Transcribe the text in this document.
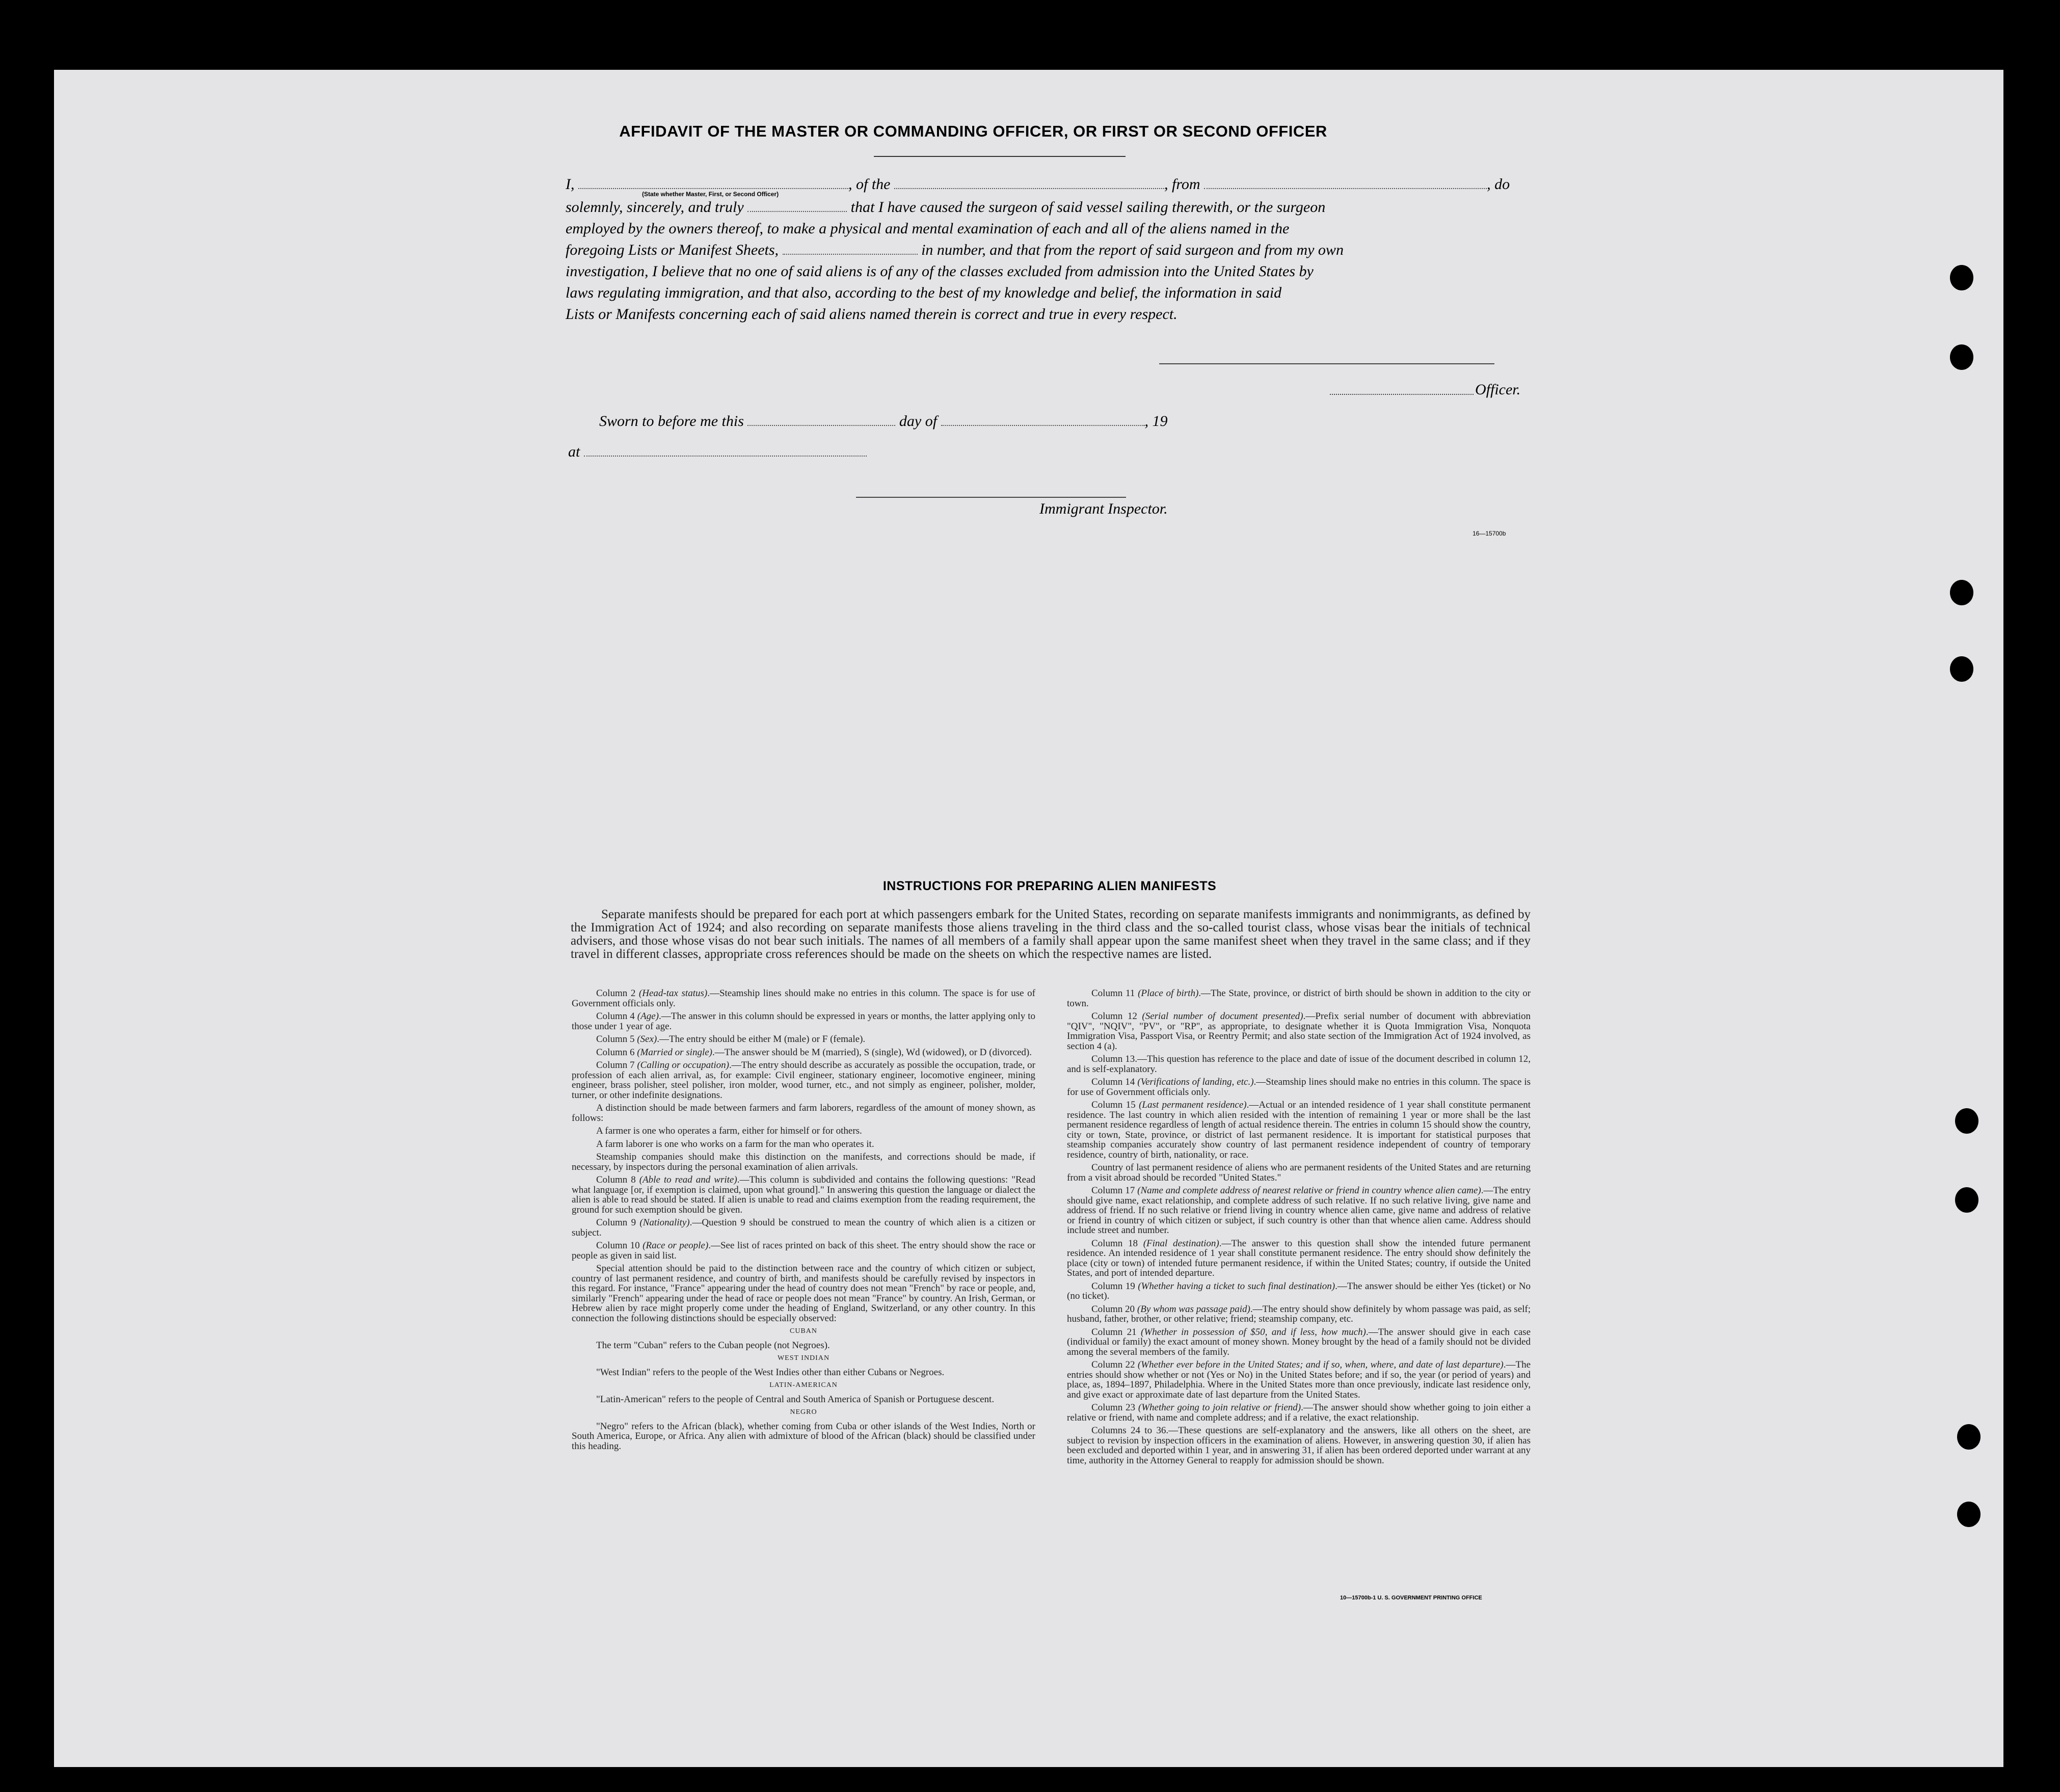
AFFIDAVIT OF THE MASTER OR COMMANDING OFFICER, OR FIRST OR SECOND OFFICER
I,	, of the	, from	, do
(State whether Master, First, or Second Officer)
solemnly, sincerely, and truly	that I have caused the surgeon of said vessel sailing therewith, or the surgeon
employed by the owners thereof, to make a physical and mental examination of each and all of the aliens named in the
foregoing Lists or Manifest Sheets,	in number, and that from the report of said surgeon and from my own
investigation, I believe that no one of said aliens is of any of the classes excluded from admission into the United States by
laws regulating immigration, and that also, according to the best of my knowledge and belief, the information in said
Lists or Manifests concerning each of said aliens named therein is correct and true in every respect.
Officer.
Sworn to before me this	day of	, 19
at
Immigrant Inspector.
16—15700b
INSTRUCTIONS FOR PREPARING ALIEN MANIFESTS
Separate manifests should be prepared for each port at which passengers embark for the United States, recording on separate manifests immigrants and nonimmigrants, as defined by the Immigration Act of 1924; and also recording on separate manifests those aliens traveling in the third class and the so-called tourist class, whose visas bear the initials of technical advisers, and those whose visas do not bear such initials. The names of all members of a family shall appear upon the same manifest sheet when they travel in the same class; and if they travel in different classes, appropriate cross references should be made on the sheets on which the respective names are listed.

Column 2 (Head-tax status).—Steamship lines should make no entries in this column. The space is for use of Government officials only.

Column 4 (Age).—The answer in this column should be expressed in years or months, the latter applying only to those under 1 year of age.

Column 5 (Sex).—The entry should be either M (male) or F (female).

Column 6 (Married or single).—The answer should be M (married), S (single), Wd (widowed), or D (divorced).

Column 7 (Calling or occupation).—The entry should describe as accurately as possible the occupation, trade, or profession of each alien arrival, as, for example: Civil engineer, stationary engineer, locomotive engineer, mining engineer, brass polisher, steel polisher, iron molder, wood turner, etc., and not simply as engineer, polisher, molder, turner, or other indefinite designations.

A distinction should be made between farmers and farm laborers, regardless of the amount of money shown, as follows:

A farmer is one who operates a farm, either for himself or for others.

A farm laborer is one who works on a farm for the man who operates it.

Steamship companies should make this distinction on the manifests, and corrections should be made, if necessary, by inspectors during the personal examination of alien arrivals.

Column 8 (Able to read and write).—This column is subdivided and contains the following questions: "Read what language [or, if exemption is claimed, upon what ground]." In answering this question the language or dialect the alien is able to read should be stated. If alien is unable to read and claims exemption from the reading requirement, the ground for such exemption should be given.

Column 9 (Nationality).—Question 9 should be construed to mean the country of which alien is a citizen or subject.

Column 10 (Race or people).—See list of races printed on back of this sheet. The entry should show the race or people as given in said list.

Special attention should be paid to the distinction between race and the country of which citizen or subject, country of last permanent residence, and country of birth, and manifests should be carefully revised by inspectors in this regard. For instance, "France" appearing under the head of country does not mean "French" by race or people, and, similarly "French" appearing under the head of race or people does not mean "France" by country. An Irish, German, or Hebrew alien by race might properly come under the heading of England, Switzerland, or any other country. In this connection the following distinctions should be especially observed:

CUBAN

The term "Cuban" refers to the Cuban people (not Negroes).

WEST INDIAN

"West Indian" refers to the people of the West Indies other than either Cubans or Negroes.

LATIN-AMERICAN

"Latin-American" refers to the people of Central and South America of Spanish or Portuguese descent.

NEGRO

"Negro" refers to the African (black), whether coming from Cuba or other islands of the West Indies, North or South America, Europe, or Africa. Any alien with admixture of blood of the African (black) should be classified under this heading.

Column 11 (Place of birth).—The State, province, or district of birth should be shown in addition to the city or town.

Column 12 (Serial number of document presented).—Prefix serial number of document with abbreviation "QIV", "NQIV", "PV", or "RP", as appropriate, to designate whether it is Quota Immigration Visa, Nonquota Immigration Visa, Passport Visa, or Reentry Permit; and also state section of the Immigration Act of 1924 involved, as section 4 (a).

Column 13.—This question has reference to the place and date of issue of the document described in column 12, and is self-explanatory.

Column 14 (Verifications of landing, etc.).—Steamship lines should make no entries in this column. The space is for use of Government officials only.

Column 15 (Last permanent residence).—Actual or an intended residence of 1 year shall constitute permanent residence. The last country in which alien resided with the intention of remaining 1 year or more shall be the last permanent residence regardless of length of actual residence therein. The entries in column 15 should show the country, city or town, State, province, or district of last permanent residence. It is important for statistical purposes that steamship companies accurately show country of last permanent residence independent of country of temporary residence, country of birth, nationality, or race.

Country of last permanent residence of aliens who are permanent residents of the United States and are returning from a visit abroad should be recorded "United States."

Column 17 (Name and complete address of nearest relative or friend in country whence alien came).—The entry should give name, exact relationship, and complete address of such relative. If no such relative living, give name and address of friend. If no such relative or friend living in country whence alien came, give name and address of relative or friend in country of which citizen or subject, if such country is other than that whence alien came. Address should include street and number.

Column 18 (Final destination).—The answer to this question shall show the intended future permanent residence. An intended residence of 1 year shall constitute permanent residence. The entry should show definitely the place (city or town) of intended future permanent residence, if within the United States; country, if outside the United States, and port of intended departure.

Column 19 (Whether having a ticket to such final destination).—The answer should be either Yes (ticket) or No (no ticket).

Column 20 (By whom was passage paid).—The entry should show definitely by whom passage was paid, as self; husband, father, brother, or other relative; friend; steamship company, etc.

Column 21 (Whether in possession of $50, and if less, how much).—The answer should give in each case (individual or family) the exact amount of money shown. Money brought by the head of a family should not be divided among the several members of the family.

Column 22 (Whether ever before in the United States; and if so, when, where, and date of last departure).—The entries should show whether or not (Yes or No) in the United States before; and if so, the year (or period of years) and place, as, 1894–1897, Philadelphia. Where in the United States more than once previously, indicate last residence only, and give exact or approximate date of last departure from the United States.

Column 23 (Whether going to join relative or friend).—The answer should show whether going to join either a relative or friend, with name and complete address; and if a relative, the exact relationship.

Columns 24 to 36.—These questions are self-explanatory and the answers, like all others on the sheet, are subject to revision by inspection officers in the examination of aliens. However, in answering question 30, if alien has been excluded and deported within 1 year, and in answering 31, if alien has been ordered deported under warrant at any time, authority in the Attorney General to reapply for admission should be shown.

10—15700b-1 U. S. GOVERNMENT PRINTING OFFICE
